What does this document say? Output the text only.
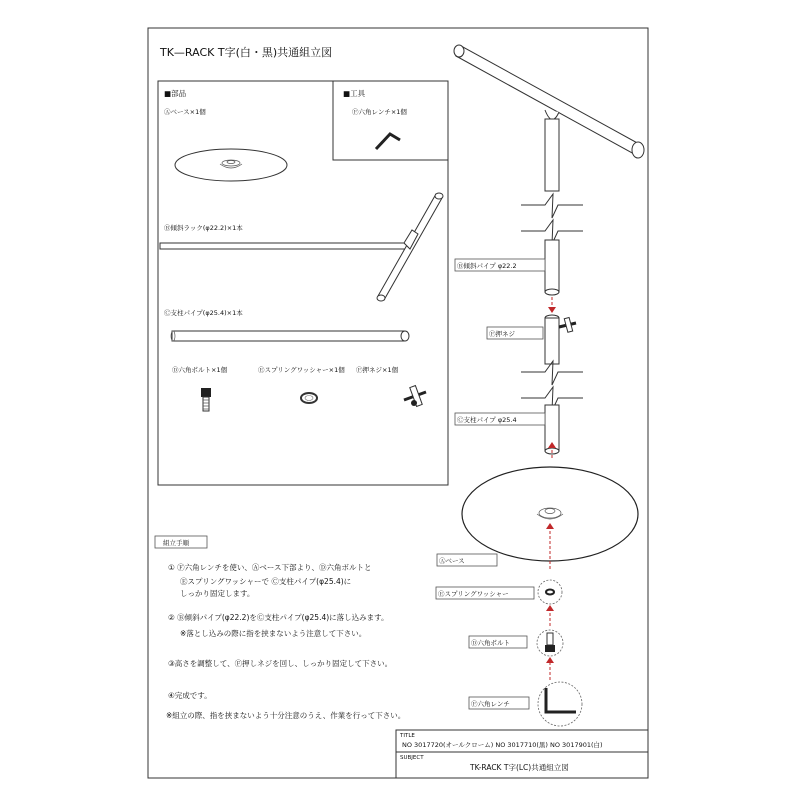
TK—RACK T字(白・黒)共通組立図
■部品
Ⓐベース×1個
Ⓑ傾斜ラック(φ22.2)×1本
Ⓒ支柱パイプ(φ25.4)×1本
Ⓓ六角ボルト×1個	Ⓔスプリングワッシャー×1個 Ⓕ押ネジ×1個
■工具
Ⓕ六角レンチ×1個
Ⓑ傾斜パイプ φ22.2
Ⓕ押ネジ
Ⓒ支柱パイプ φ25.4
Ⓐベース
Ⓔスプリングワッシャー
Ⓓ六角ボルト
Ⓕ六角レンチ
組立手順
① Ⓕ六角レンチを使い、Ⓐベース下部より、Ⓓ六角ボルトと
Ⓔスプリングワッシャーで Ⓒ支柱パイプ(φ25.4)に
しっかり固定します。
② Ⓑ傾斜パイプ(φ22.2)をⒸ支柱パイプ(φ25.4)に落し込みます。
※落とし込みの際に指を挟まないよう注意して下さい。
③高さを調整して、Ⓕ押しネジを回し、しっかり固定して下さい。
④完成です。
※組立の際、指を挟まないよう十分注意のうえ、作業を行って下さい。
TITLE
NO 3017720(オールクローム) NO 3017710(黒) NO 3017901(白)
SUBJECT
TK-RACK T字(LC)共通組立図
